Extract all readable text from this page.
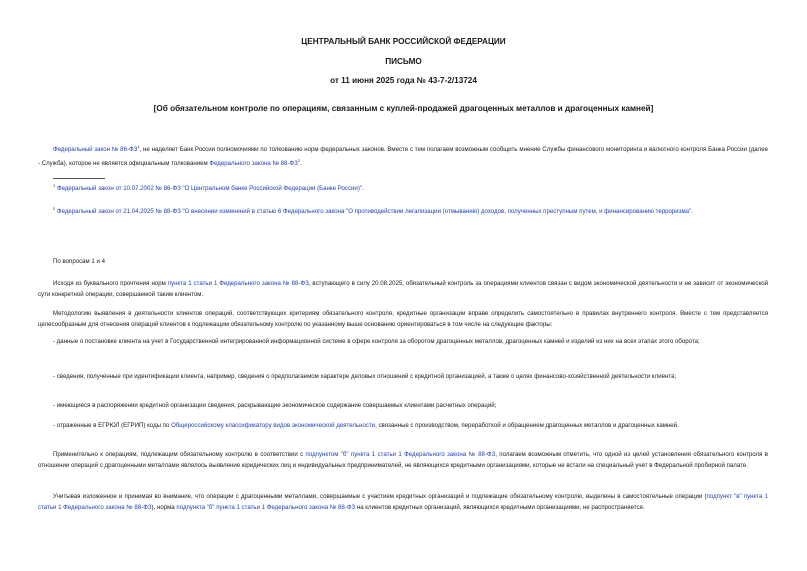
ЦЕНТРАЛЬНЫЙ БАНК РОССИЙСКОЙ ФЕДЕРАЦИИ
ПИСЬМО
от 11 июня 2025 года № 43-7-2/13724
[Об обязательном контроле по операциям, связанным с куплей-продажей драгоценных металлов и драгоценных камней]

Федеральный закон № $86-ФЗ^1$, не наделяет Банк России полномочиями по толкованию норм федеральных законов. Вместе с тем полагаем возможным сообщить мнение Службы финансового мониторинга и валютного контроля Банка России (далее - Служба), которое не является официальным толкованием Федерального закона № $88-ФЗ^2$.

$^1$ Федеральный закон от 10.07.2002 № 86-ФЗ "О Центральном банке Российской Федерации (Банке России)".

$^2$ Федеральный закон от 21.04.2025 № 88-ФЗ "О внесении изменений в статью 6 Федерального закона "О противодействии легализации (отмыванию) доходов, полученных преступным путем, и финансированию терроризма".

По вопросам 1 и 4

Исходя из буквального прочтения норм пункта 1 статьи 1 Федерального закона № 88-ФЗ, вступающего в силу 20.08.2025, обязательный контроль за операциями клиентов связан с видом экономической деятельности и не зависит от экономической сути конкретной операции, совершаемой таким клиентом.

Методологию выявления в деятельности клиентов операций, соответствующих критериям обязательного контроля, кредитные организации вправе определить самостоятельно в правилах внутреннего контроля. Вместе с тем представляется целесообразным для отнесения операций клиентов к подлежащим обязательному контролю по указанному выше основанию ориентироваться в том числе на следующие факторы:

- данные о постановке клиента на учет в Государственной интегрированной информационной системе в сфере контроля за оборотом драгоценных металлов, драгоценных камней и изделий из них на всех этапах этого оборота;

- сведения, полученные при идентификации клиента, например, сведения о предполагаемом характере деловых отношений с кредитной организацией, а также о целях финансово-хозяйственной деятельности клиента;

- имеющиеся в распоряжении кредитной организации сведения, раскрывающие экономическое содержание совершаемых клиентами расчетных операций;

- отраженные в ЕГРЮЛ (ЕГРИП) коды по Общероссийскому классификатору видов экономической деятельности, связанные с производством, переработкой и обращением драгоценных металлов и драгоценных камней.

Применительно к операциям, подлежащим обязательному контролю в соответствии с подпунктом "б" пункта 1 статьи 1 Федерального закона № 88-ФЗ, полагаем возможным отметить, что одной из целей установления обязательного контроля в отношении операций с драгоценными металлами являлось выявление юридических лиц и индивидуальных предпринимателей, не являющихся кредитными организациями, которые не встали на специальный учет в Федеральной пробирной палате.

Учитывая изложенное и принимая во внимание, что операции с драгоценными металлами, совершаемые с участием кредитных организаций и подлежащие обязательному контролю, выделены в самостоятельные операции (подпункт "в" пункта 1 статьи 1 Федерального закона № 88-ФЗ), норма подпункта "б" пункта 1 статьи 1 Федерального закона № 88-ФЗ на клиентов кредитных организаций, являющихся кредитными организациями, не распространяется.
